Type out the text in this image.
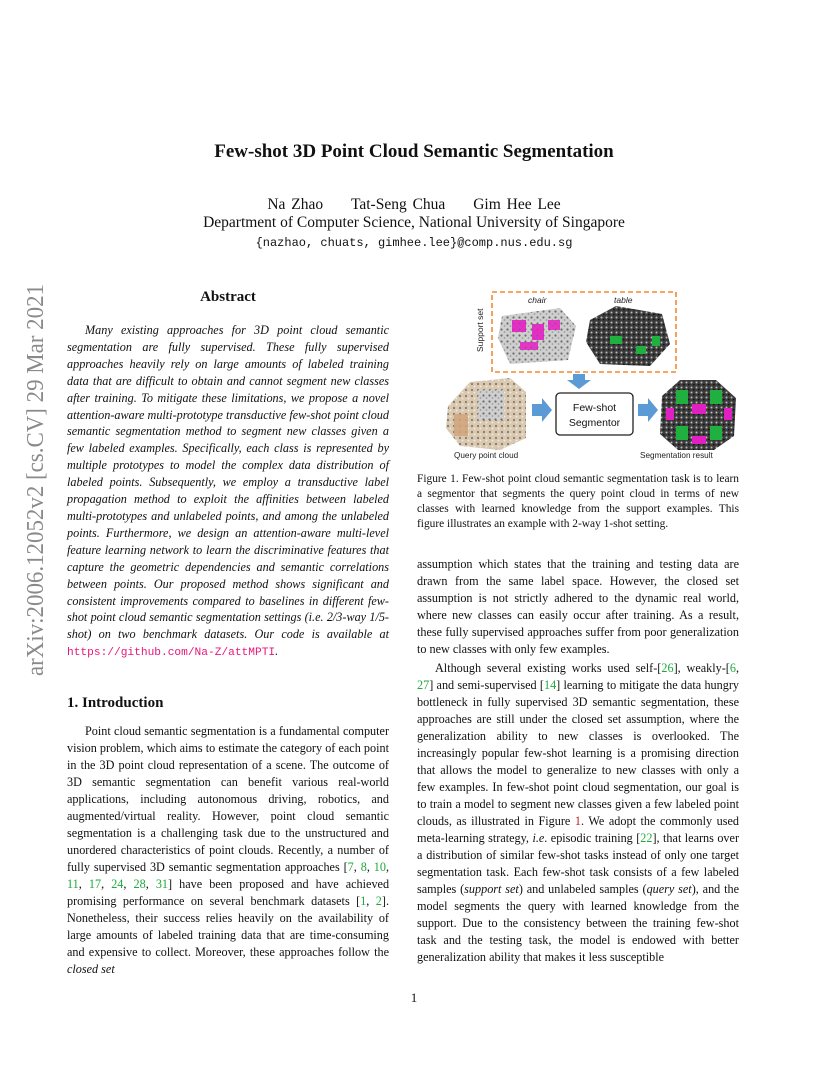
Few-shot 3D Point Cloud Semantic Segmentation
Na Zhao Tat-Seng Chua Gim Hee Lee
Department of Computer Science, National University of Singapore
{nazhao, chuats, gimhee.lee}@comp.nus.edu.sg
arXiv:2006.12052v2 [cs.CV] 29 Mar 2021	Abstract
Many existing approaches for 3D point cloud semantic segmentation are fully supervised. These fully supervised approaches heavily rely on large amounts of labeled training data that are difficult to obtain and cannot segment new classes after training. To mitigate these limitations, we propose a novel attention-aware multi-prototype transductive few-shot point cloud semantic segmentation method to segment new classes given a few labeled examples. Specifically, each class is represented by multiple prototypes to model the complex data distribution of labeled points. Subsequently, we employ a transductive label propagation method to exploit the affinities between labeled multi-prototypes and unlabeled points, and among the unlabeled points. Furthermore, we design an attention-aware multi-level feature learning network to learn the discriminative features that capture the geometric dependencies and semantic correlations between points. Our proposed method shows significant and consistent improvements compared to baselines in different few-shot point cloud semantic segmentation settings (i.e. 2/3-way 1/5-shot) on two benchmark datasets. Our code is available at https://github.com/Na-Z/attMPTI.
1. Introduction
Point cloud semantic segmentation is a fundamental computer vision problem, which aims to estimate the category of each point in the 3D point cloud representation of a scene. The outcome of 3D semantic segmentation can benefit various real-world applications, including autonomous driving, robotics, and augmented/virtual reality. However, point cloud semantic segmentation is a challenging task due to the unstructured and unordered characteristics of point clouds. Recently, a number of fully supervised 3D semantic segmentation approaches [7, 8, 10, 11, 17, 24, 28, 31] have been proposed and have achieved promising performance on several benchmark datasets [1, 2]. Nonetheless, their success relies heavily on the availability of large amounts of labeled training data that are time-consuming and expensive to collect. Moreover, these approaches follow the closed set
Support set
chair	table
Few-shot
Segmentor
Query point cloud	Segmentation result
Figure 1. Few-shot point cloud semantic segmentation task is to learn a segmentor that segments the query point cloud in terms of new classes with learned knowledge from the support examples. This figure illustrates an example with 2-way 1-shot setting.
assumption which states that the training and testing data are drawn from the same label space. However, the closed set assumption is not strictly adhered to the dynamic real world, where new classes can easily occur after training. As a result, these fully supervised approaches suffer from poor generalization to new classes with only few examples.
Although several existing works used self-[26], weakly-[6, 27] and semi-supervised [14] learning to mitigate the data hungry bottleneck in fully supervised 3D semantic segmentation, these approaches are still under the closed set assumption, where the generalization ability to new classes is overlooked. The increasingly popular few-shot learning is a promising direction that allows the model to generalize to new classes with only a few examples. In few-shot point cloud segmentation, our goal is to train a model to segment new classes given a few labeled point clouds, as illustrated in Figure 1. We adopt the commonly used meta-learning strategy, i.e. episodic training [22], that learns over a distribution of similar few-shot tasks instead of only one target segmentation task. Each few-shot task consists of a few labeled samples (support set) and unlabeled samples (query set), and the model segments the query with learned knowledge from the support. Due to the consistency between the training few-shot task and the testing task, the model is endowed with better generalization ability that makes it less susceptible
1
